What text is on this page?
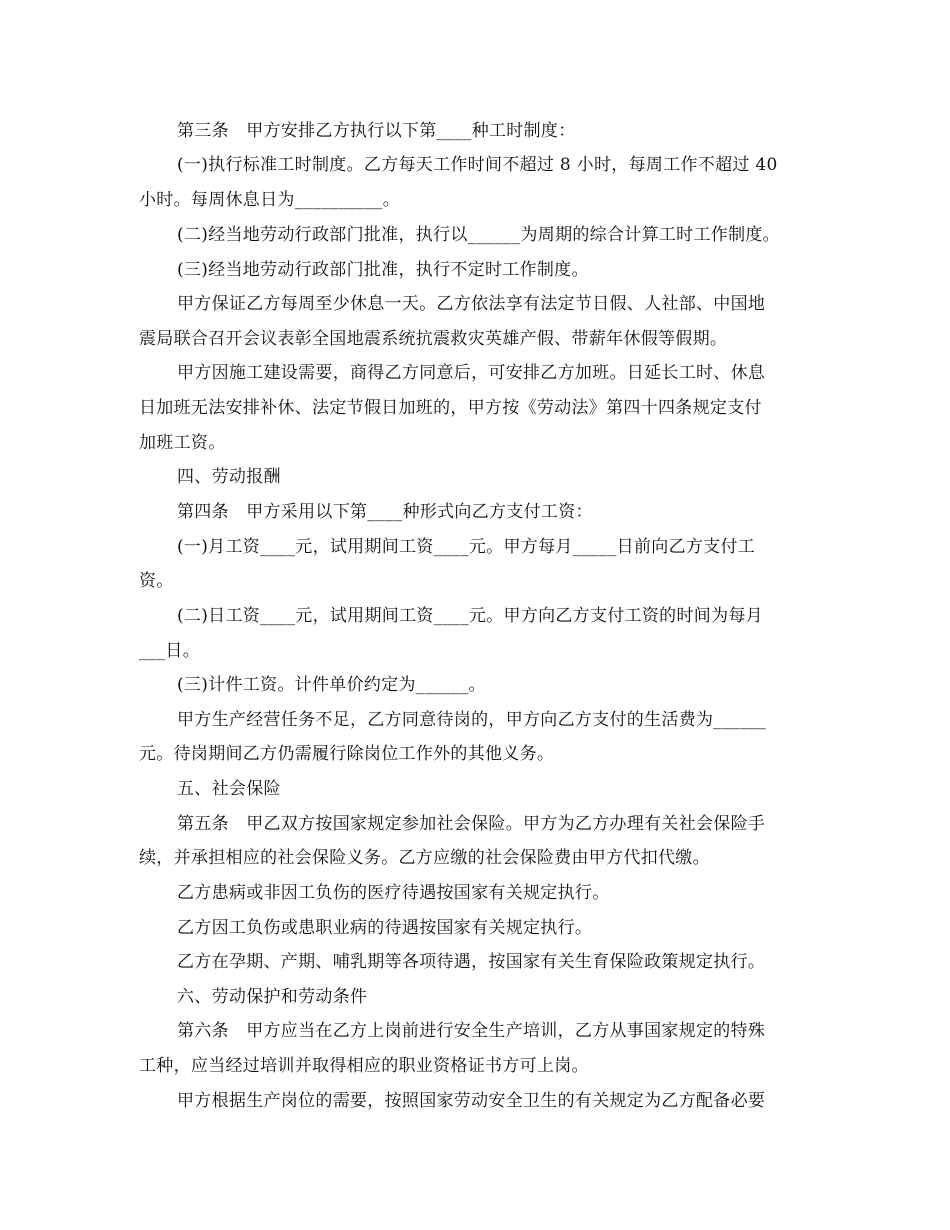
第三条　甲方安排乙方执行以下第____种工时制度：
(一)执行标准工时制度。乙方每天工作时间不超过 8 小时，每周工作不超过 40
小时。每周休息日为__________。
(二)经当地劳动行政部门批准，执行以______为周期的综合计算工时工作制度。
(三)经当地劳动行政部门批准，执行不定时工作制度。
甲方保证乙方每周至少休息一天。乙方依法享有法定节日假、人社部、中国地
震局联合召开会议表彰全国地震系统抗震救灾英雄产假、带薪年休假等假期。
甲方因施工建设需要，商得乙方同意后，可安排乙方加班。日延长工时、休息
日加班无法安排补休、法定节假日加班的，甲方按《劳动法》第四十四条规定支付
加班工资。
四、劳动报酬
第四条　甲方采用以下第____种形式向乙方支付工资：
(一)月工资____元，试用期间工资____元。甲方每月_____日前向乙方支付工
资。
(二)日工资____元，试用期间工资____元。甲方向乙方支付工资的时间为每月
___日。
(三)计件工资。计件单价约定为______。
甲方生产经营任务不足，乙方同意待岗的，甲方向乙方支付的生活费为______
元。待岗期间乙方仍需履行除岗位工作外的其他义务。
五、社会保险
第五条　甲乙双方按国家规定参加社会保险。甲方为乙方办理有关社会保险手
续，并承担相应的社会保险义务。乙方应缴的社会保险费由甲方代扣代缴。
乙方患病或非因工负伤的医疗待遇按国家有关规定执行。
乙方因工负伤或患职业病的待遇按国家有关规定执行。
乙方在孕期、产期、哺乳期等各项待遇，按国家有关生育保险政策规定执行。
六、劳动保护和劳动条件
第六条　甲方应当在乙方上岗前进行安全生产培训，乙方从事国家规定的特殊
工种，应当经过培训并取得相应的职业资格证书方可上岗。
甲方根据生产岗位的需要，按照国家劳动安全卫生的有关规定为乙方配备必要
